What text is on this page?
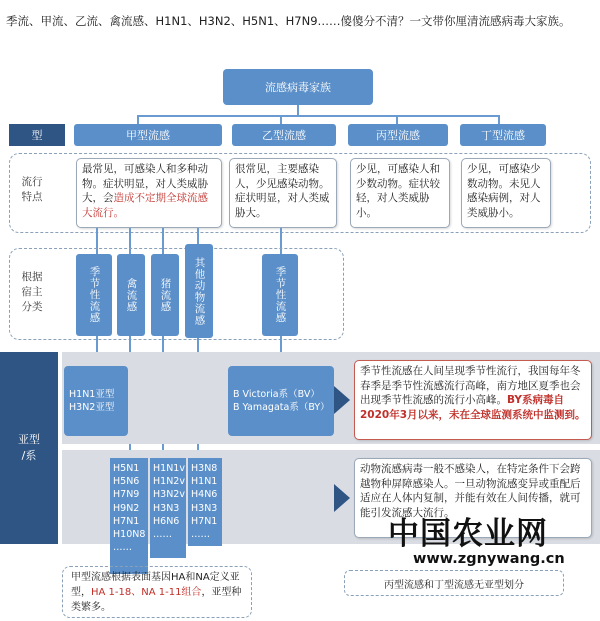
季流、甲流、乙流、禽流感、H1N1、H3N2、H5N1、H7N9……傻傻分不清？一文带你厘清流感病毒大家族。
流感病毒家族
型	甲型流感	乙型流感	丙型流感	丁型流感
流行
特点
最常见，可感染人和多种动物。症状明显，对人类威胁大，会造成不定期全球流感大流行。
很常见，主要感染人，少见感染动物。症状明显，对人类威胁大。
少见，可感染人和少数动物。症状较轻，对人类威胁小。
少见，可感染少数动物。未见人感染病例，对人类威胁小。
根据
宿主
分类	季节性流感	禽流感	猪流感	其他动物流感	季节性流感
亚型
/系
H1N1亚型
H3N2亚型
B Victoria系（BV）
B Yamagata系（BY）
季节性流感在人间呈现季节性流行，我国每年冬春季是季节性流感流行高峰，南方地区夏季也会出现季节性流感的流行小高峰。BY系病毒自2020年3月以来，未在全球监测系统中监测到。
H5N1
H5N6
H7N9
H9N2
H7N1
H10N8
……
H1N1v
H1N2v
H3N2v
H3N3
H6N6
……
H3N8
H1N1
H4N6
H3N3
H7N1
……
动物流感病毒一般不感染人，在特定条件下会跨越物种屏障感染人。一旦动物流感变异或重配后适应在人体内复制，并能有效在人间传播，就可能引发流感大流行。
甲型流感根据表面基因HA和NA定义亚型，HA 1-18、NA 1-11组合，亚型种类繁多。
丙型流感和丁型流感无亚型划分
中国农业网
www.zgnywang.cn
